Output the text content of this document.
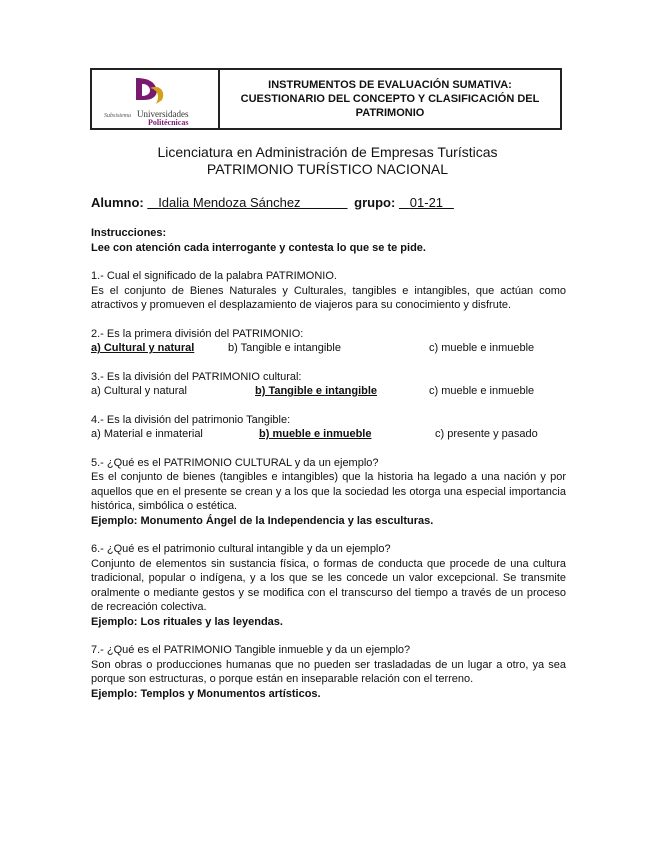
Subsistema Universidades
Politécnicas
INSTRUMENTOS DE EVALUACIÓN SUMATIVA:
CUESTIONARIO DEL CONCEPTO Y CLASIFICACIÓN DEL
PATRIMONIO
Licenciatura en Administración de Empresas Turísticas
PATRIMONIO TURÍSTICO NACIONAL
Alumno: Idalia Mendoza Sánchez	grupo: 01-21

Instrucciones:

Lee con atención cada interrogante y contesta lo que se te pide.

1.- Cual el significado de la palabra PATRIMONIO.

Es el conjunto de Bienes Naturales y Culturales, tangibles e intangibles, que actúan como atractivos y promueven el desplazamiento de viajeros para su conocimiento y disfrute.

2.- Es la primera división del PATRIMONIO:

a) Cultural y natural	b) Tangible e intangible	c) mueble e inmueble

3.- Es la división del PATRIMONIO cultural:

a) Cultural y natural	b) Tangible e intangible	c) mueble e inmueble

4.- Es la división del patrimonio Tangible:

a) Material e inmaterial	b) mueble e inmueble	c) presente y pasado

5.- ¿Qué es el PATRIMONIO CULTURAL y da un ejemplo?

Es el conjunto de bienes (tangibles e intangibles) que la historia ha legado a una nación y por aquellos que en el presente se crean y a los que la sociedad les otorga una especial importancia histórica, simbólica o estética.

Ejemplo: Monumento Ángel de la Independencia y las esculturas.

6.- ¿Qué es el patrimonio cultural intangible y da un ejemplo?

Conjunto de elementos sin sustancia física, o formas de conducta que procede de una cultura tradicional, popular o indígena, y a los que se les concede un valor excepcional. Se transmite oralmente o mediante gestos y se modifica con el transcurso del tiempo a través de un proceso de recreación colectiva.

Ejemplo: Los rituales y las leyendas.

7.- ¿Qué es el PATRIMONIO Tangible inmueble y da un ejemplo?

Son obras o producciones humanas que no pueden ser trasladadas de un lugar a otro, ya sea porque son estructuras, o porque están en inseparable relación con el terreno.

Ejemplo: Templos y Monumentos artísticos.
